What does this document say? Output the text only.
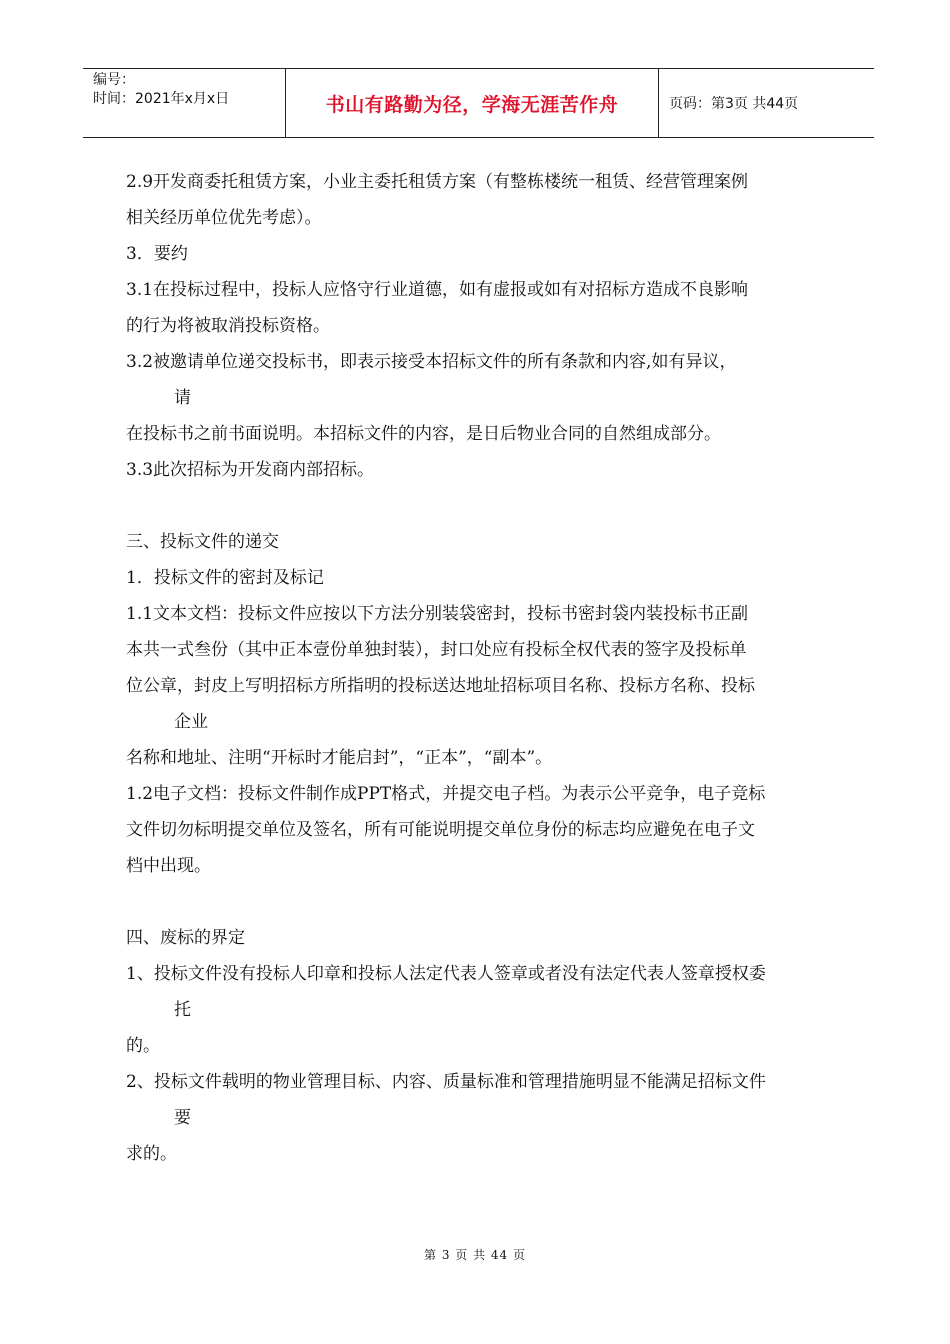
编号：
时间：2021年x月x日	书山有路勤为径，学海无涯苦作舟	页码：第3页 共44页

2.9开发商委托租赁方案，小业主委托租赁方案（有整栋楼统一租赁、经营管理案例

相关经历单位优先考虑）。

3．要约

3.1在投标过程中，投标人应恪守行业道德，如有虚报或如有对招标方造成不良影响

的行为将被取消投标资格。

3.2被邀请单位递交投标书，即表示接受本招标文件的所有条款和内容,如有异议，

请

在投标书之前书面说明。本招标文件的内容，是日后物业合同的自然组成部分。

3.3此次招标为开发商内部招标。

三、投标文件的递交

1．投标文件的密封及标记

1.1文本文档：投标文件应按以下方法分别装袋密封，投标书密封袋内装投标书正副

本共一式叁份（其中正本壹份单独封装），封口处应有投标全权代表的签字及投标单

位公章，封皮上写明招标方所指明的投标送达地址招标项目名称、投标方名称、投标

企业

名称和地址、注明“开标时才能启封”，“正本”，“副本”。

1.2电子文档：投标文件制作成PPT格式，并提交电子档。为表示公平竞争，电子竞标

文件切勿标明提交单位及签名，所有可能说明提交单位身份的标志均应避免在电子文

档中出现。

四、废标的界定

1、投标文件没有投标人印章和投标人法定代表人签章或者没有法定代表人签章授权委

托

的。

2、投标文件载明的物业管理目标、内容、质量标准和管理措施明显不能满足招标文件

要

求的。

第 3 页 共 44 页
